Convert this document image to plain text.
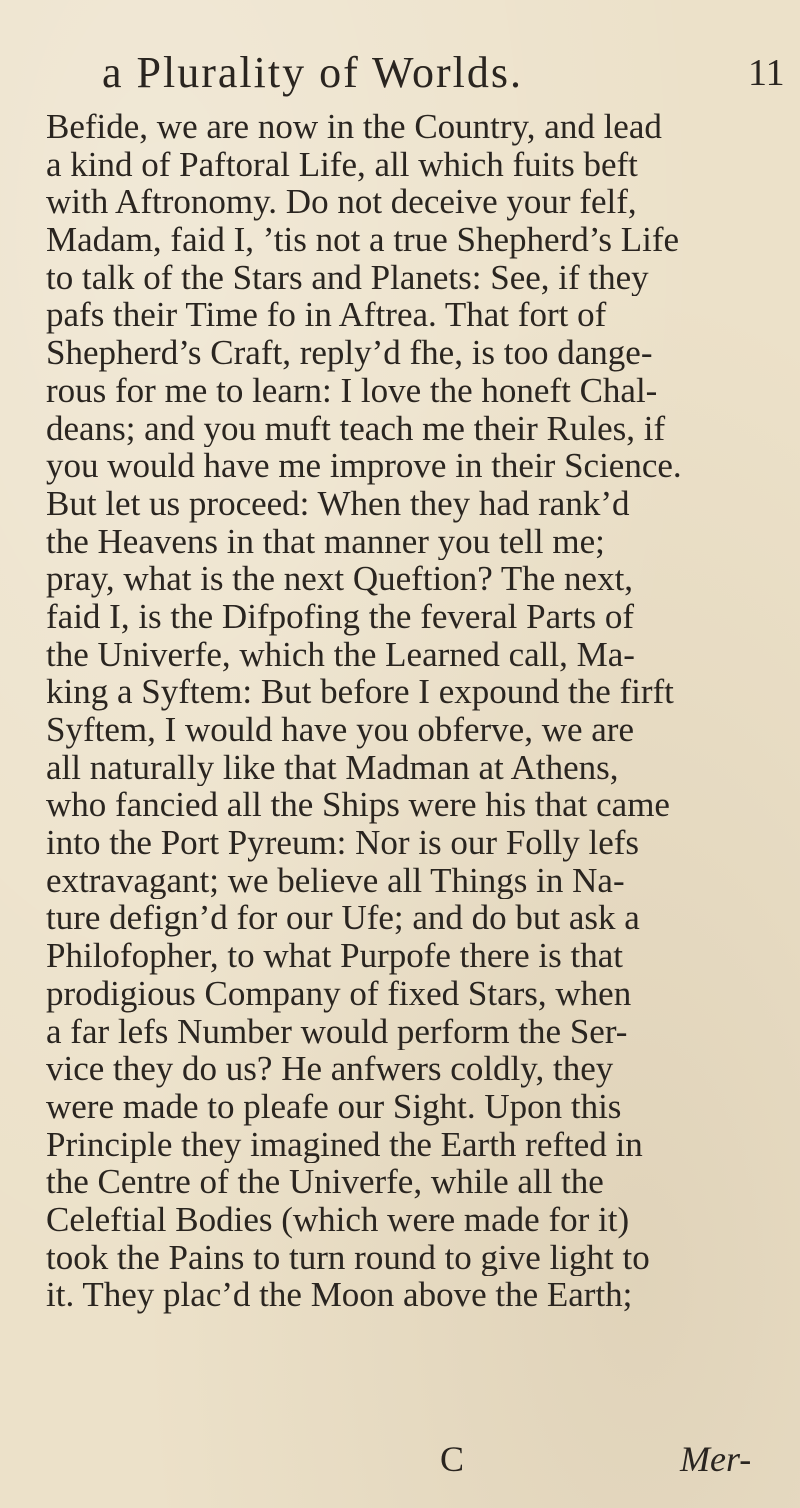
a Plurality of Worlds.	11
Befide, we are now in the Country, and lead
a kind of Paftoral Life, all which fuits beft
with Aftronomy. Do not deceive your felf,
Madam, faid I, ’tis not a true Shepherd’s Life
to talk of the Stars and Planets: See, if they
pafs their Time fo in Aftrea. That fort of
Shepherd’s Craft, reply’d fhe, is too dange-
rous for me to learn: I love the honeft Chal-
deans; and you muft teach me their Rules, if
you would have me improve in their Science.
But let us proceed: When they had rank’d
the Heavens in that manner you tell me;
pray, what is the next Queftion? The next,
faid I, is the Difpofing the feveral Parts of
the Univerfe, which the Learned call, Ma-
king a Syftem: But before I expound the firft
Syftem, I would have you obferve, we are
all naturally like that Madman at Athens,
who fancied all the Ships were his that came
into the Port Pyreum: Nor is our Folly lefs
extravagant; we believe all Things in Na-
ture defign’d for our Ufe; and do but ask a
Philofopher, to what Purpofe there is that
prodigious Company of fixed Stars, when
a far lefs Number would perform the Ser-
vice they do us? He anfwers coldly, they
were made to pleafe our Sight. Upon this
Principle they imagined the Earth refted in
the Centre of the Univerfe, while all the
Celeftial Bodies (which were made for it)
took the Pains to turn round to give light to
it. They plac’d the Moon above the Earth;
C	Mer-
